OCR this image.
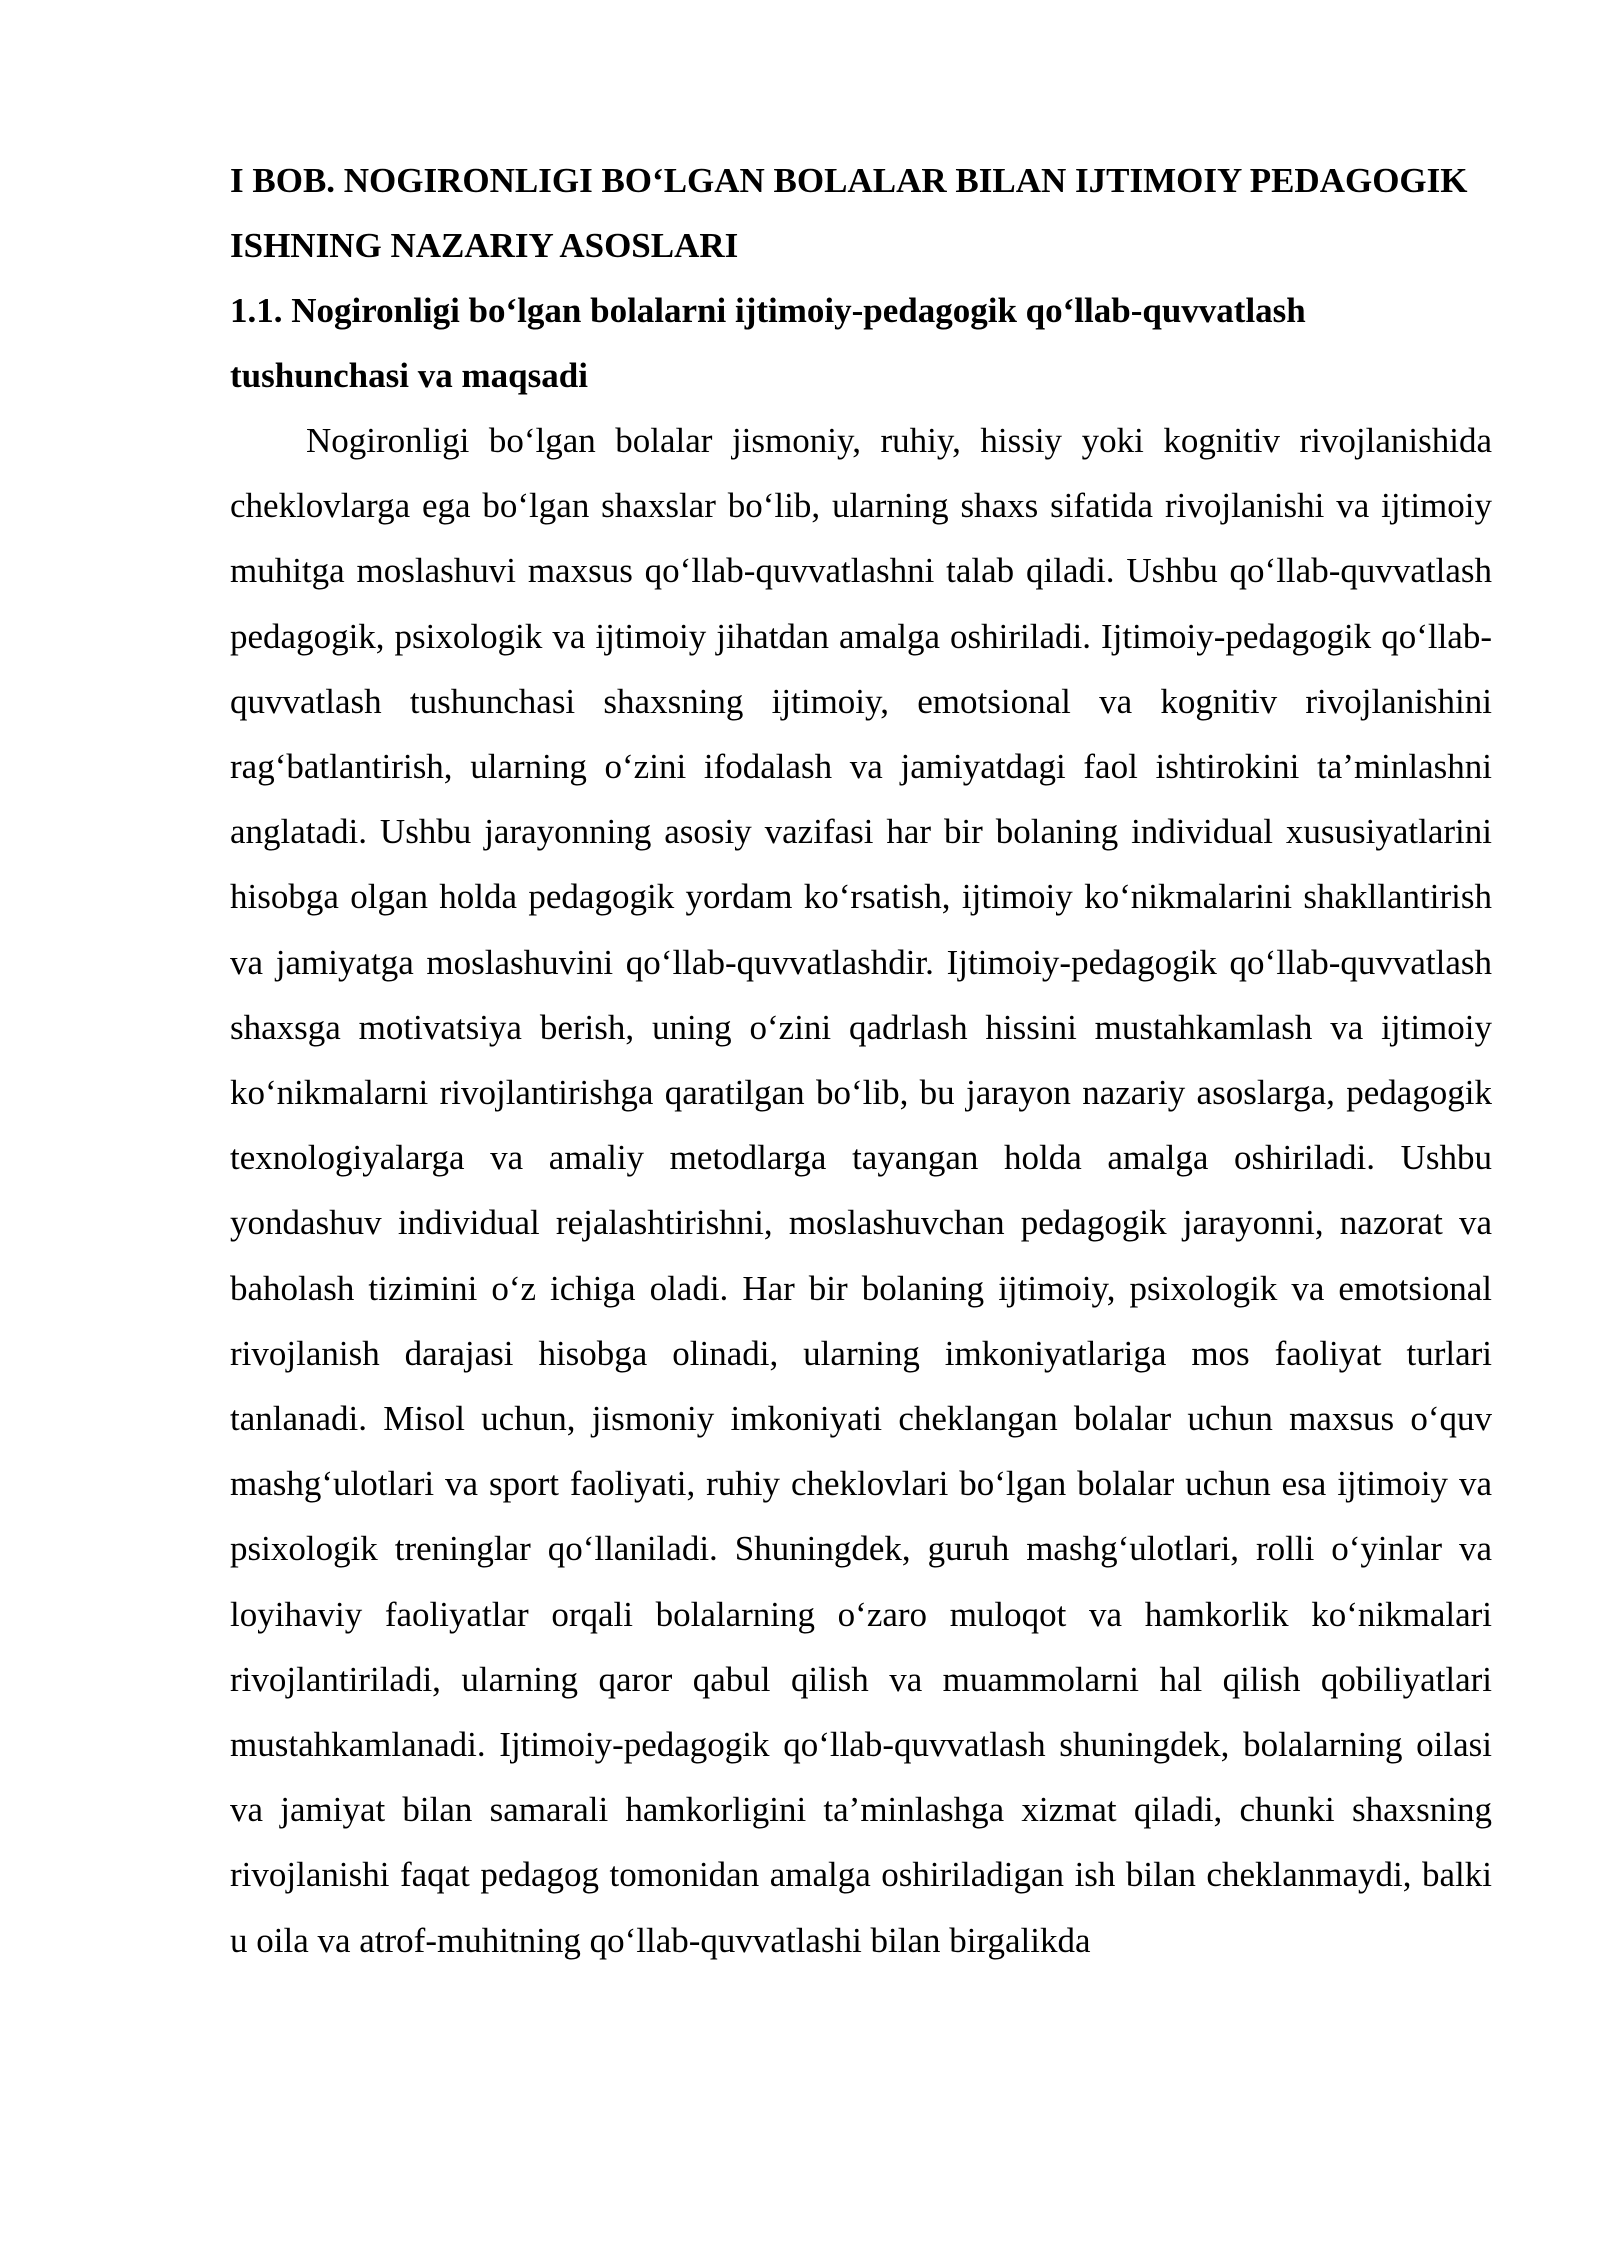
I BOB. NOGIRONLIGI BO‘LGAN BOLALAR BILAN IJTIMOIY PEDAGOGIK ISHNING NAZARIY ASOSLARI
1.1. Nogironligi bo‘lgan bolalarni ijtimoiy-pedagogik qo‘llab-quvvatlash tushunchasi va maqsadi

Nogironligi bo‘lgan bolalar jismoniy, ruhiy, hissiy yoki kognitiv rivojlanishida cheklovlarga ega bo‘lgan shaxslar bo‘lib, ularning shaxs sifatida rivojlanishi va ijtimoiy muhitga moslashuvi maxsus qo‘llab-quvvatlashni talab qiladi. Ushbu qo‘llab-quvvatlash pedagogik, psixologik va ijtimoiy jihatdan amalga oshiriladi. Ijtimoiy-pedagogik qo‘llab-quvvatlash tushunchasi shaxsning ijtimoiy, emotsional va kognitiv rivojlanishini rag‘batlantirish, ularning o‘zini ifodalash va jamiyatdagi faol ishtirokini ta’minlashni anglatadi. Ushbu jarayonning asosiy vazifasi har bir bolaning individual xususiyatlarini hisobga olgan holda pedagogik yordam ko‘rsatish, ijtimoiy ko‘nikmalarini shakllantirish va jamiyatga moslashuvini qo‘llab-quvvatlashdir. Ijtimoiy-pedagogik qo‘llab-quvvatlash shaxsga motivatsiya berish, uning o‘zini qadrlash hissini mustahkamlash va ijtimoiy ko‘nikmalarni rivojlantirishga qaratilgan bo‘lib, bu jarayon nazariy asoslarga, pedagogik texnologiyalarga va amaliy metodlarga tayangan holda amalga oshiriladi. Ushbu yondashuv individual rejalashtirishni, moslashuvchan pedagogik jarayonni, nazorat va baholash tizimini o‘z ichiga oladi. Har bir bolaning ijtimoiy, psixologik va emotsional rivojlanish darajasi hisobga olinadi, ularning imkoniyatlariga mos faoliyat turlari tanlanadi. Misol uchun, jismoniy imkoniyati cheklangan bolalar uchun maxsus o‘quv mashg‘ulotlari va sport faoliyati, ruhiy cheklovlari bo‘lgan bolalar uchun esa ijtimoiy va psixologik treninglar qo‘llaniladi. Shuningdek, guruh mashg‘ulotlari, rolli o‘yinlar va loyihaviy faoliyatlar orqali bolalarning o‘zaro muloqot va hamkorlik ko‘nikmalari rivojlantiriladi, ularning qaror qabul qilish va muammolarni hal qilish qobiliyatlari mustahkamlanadi. Ijtimoiy-pedagogik qo‘llab-quvvatlash shuningdek, bolalarning oilasi va jamiyat bilan samarali hamkorligini ta’minlashga xizmat qiladi, chunki shaxsning rivojlanishi faqat pedagog tomonidan amalga oshiriladigan ish bilan cheklanmaydi, balki u oila va atrof-muhitning qo‘llab-quvvatlashi bilan birgalikda
